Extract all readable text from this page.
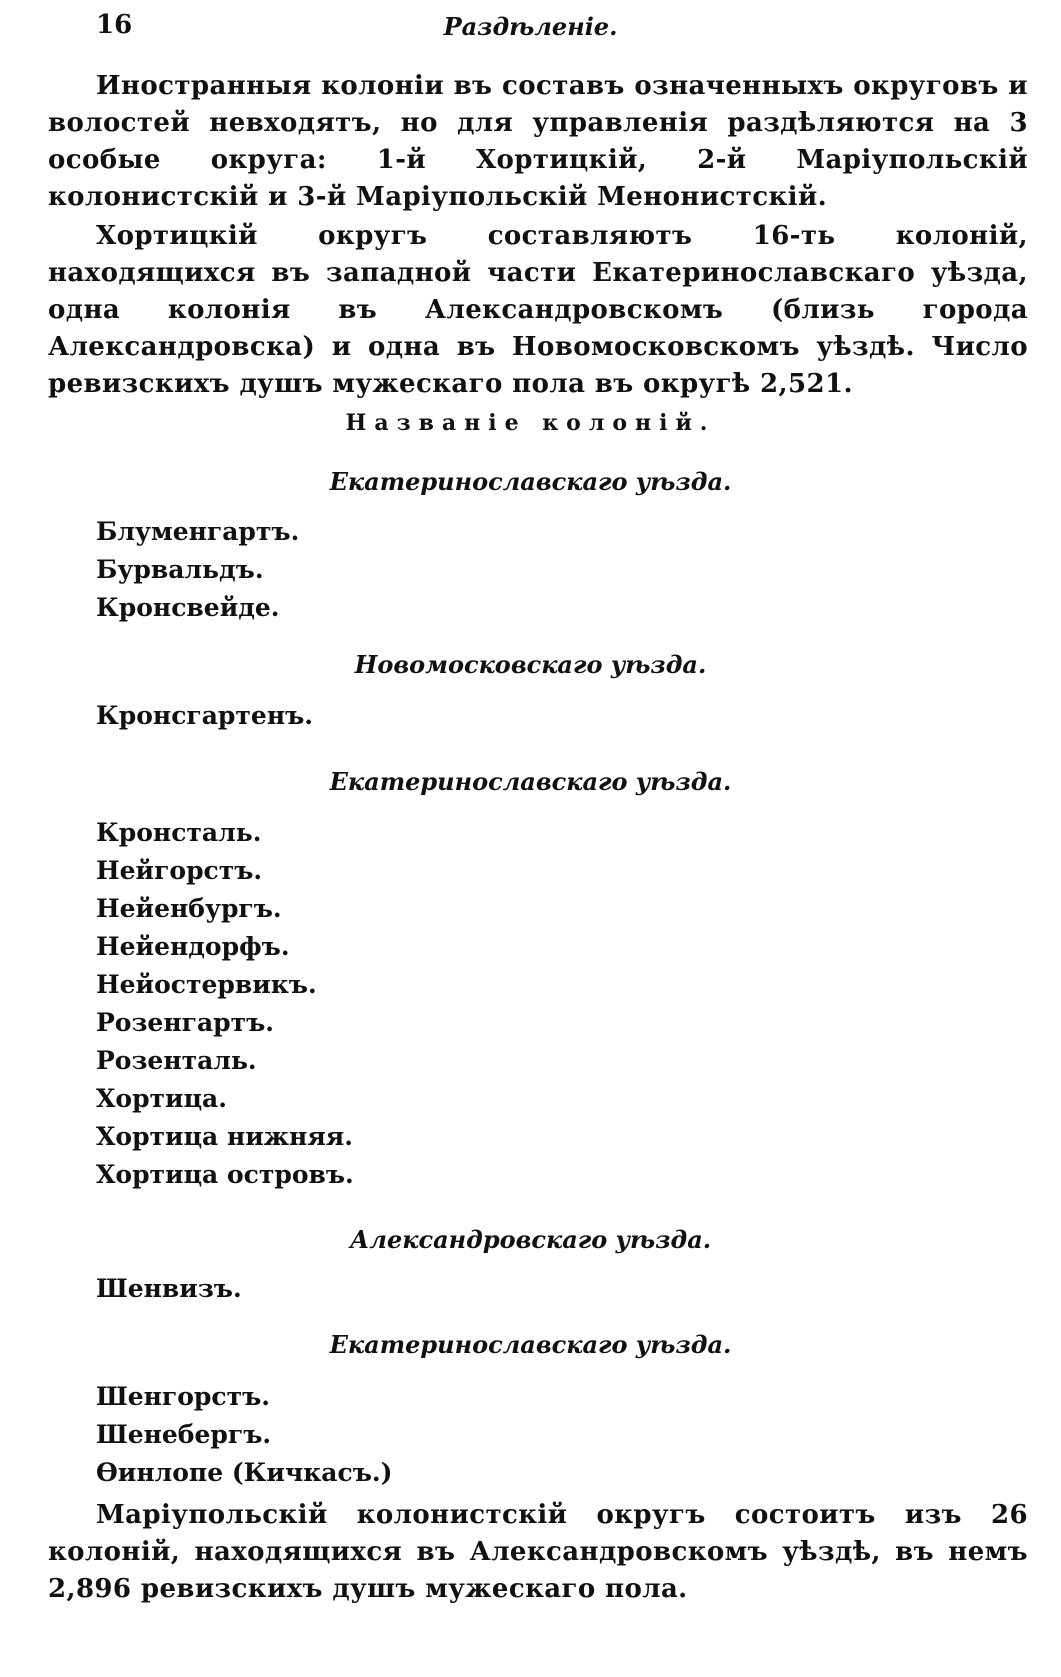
16	Раздѣленіе.
Иностранныя колоніи въ составъ означенныхъ округовъ и волостей невходятъ, но для управленія раздѣляются на 3 особые округа: 1-й Хортицкій, 2-й Маріупольскій колонистскій и 3-й Маріупольскій Менонистскій.
Хортицкій округъ составляютъ 16-ть колоній, находящихся въ западной части Екатеринославскаго уѣзда, одна колонія въ Александровскомъ (близь города Александровска) и одна въ Новомосковскомъ уѣздѣ. Число ревизскихъ душъ мужескаго пола въ округѣ 2,521.
Названіе колоній.
Екатеринославскаго уѣзда.
Блуменгартъ.
Бурвальдъ.
Кронсвейде.
Новомосковскаго уѣзда.
Кронсгартенъ.
Екатеринославскаго уѣзда.
Кронсталь.
Нейгорстъ.
Нейенбургъ.
Нейендорфъ.
Нейостервикъ.
Розенгартъ.
Розенталь.
Хортица.
Хортица нижняя.
Хортица островъ.
Александровскаго уѣзда.
Шенвизъ.
Екатеринославскаго уѣзда.
Шенгорстъ.
Шенебергъ.
Ѳинлопе (Кичкасъ.)
Маріупольскій колонистскій округъ состоитъ изъ 26 колоній, находящихся въ Александровскомъ уѣздѣ, въ немъ 2,896 ревизскихъ душъ мужескаго пола.
